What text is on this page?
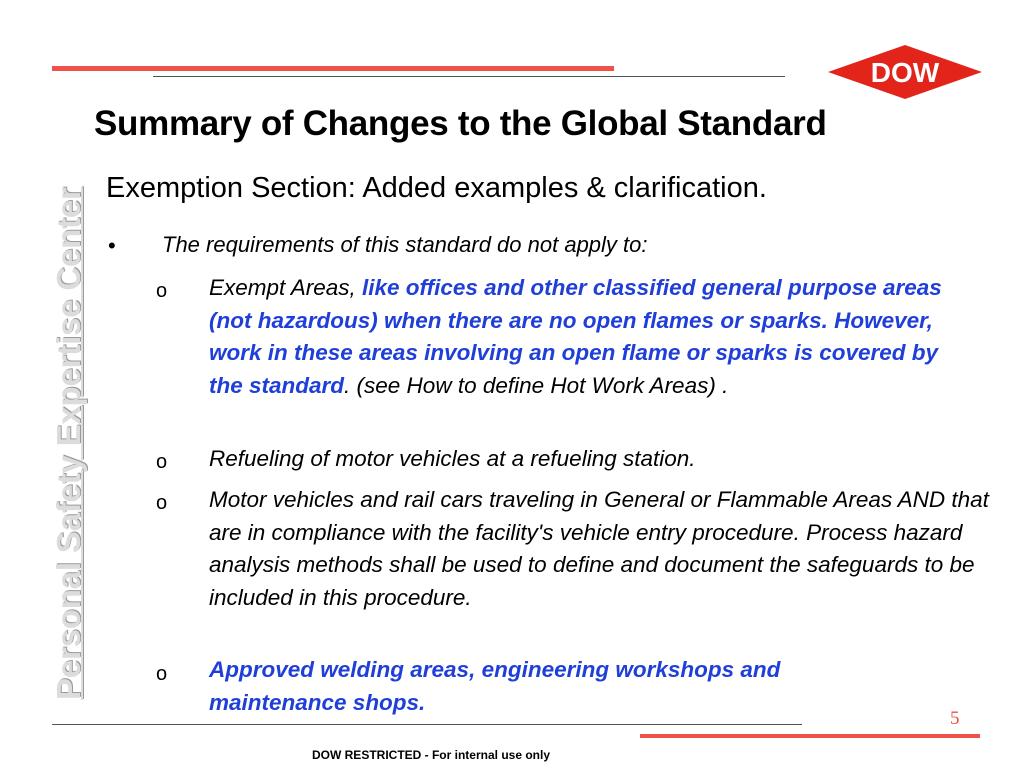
DOW
Summary of Changes to the Global Standard
Personal Safety Expertise Center Exemption Section: Added examples & clarification.
• The requirements of this standard do not apply to:
o Exempt Areas, like offices and other classified general purpose areas (not hazardous) when there are no open flames or sparks. However, work in these areas involving an open flame or sparks is covered by the standard. (see How to define Hot Work Areas) .
o Refueling of motor vehicles at a refueling station.
o Motor vehicles and rail cars traveling in General or Flammable Areas AND that are in compliance with the facility's vehicle entry procedure. Process hazard analysis methods shall be used to define and document the safeguards to be included in this procedure.
o Approved welding areas, engineering workshops and maintenance shops.
5
DOW RESTRICTED - For internal use only
